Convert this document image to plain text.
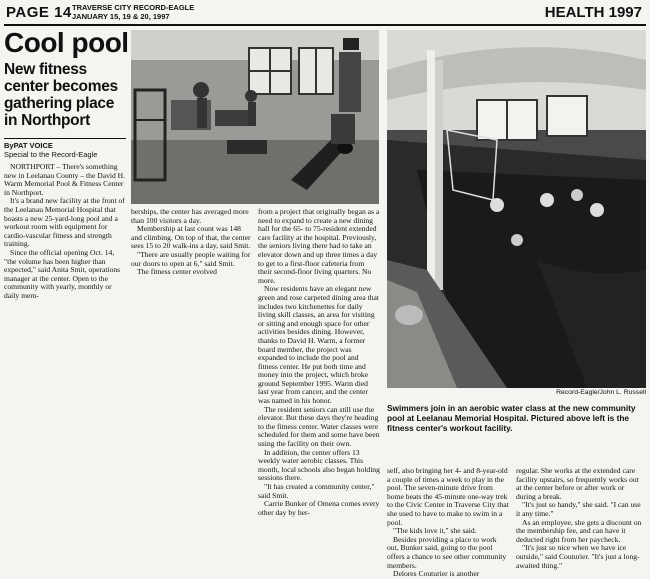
PAGE 14 TRAVERSE CITY RECORD-EAGLE
JANUARY 15, 19 & 20, 1997	HEALTH 1997
Cool pool
New fitness center becomes gathering place in Northport
ByPAT VOICE
Special to the Record-Eagle
Record-Eagle/John L. Russell
Swimmers join in an aerobic water class at the new community pool at Leelanau Memorial Hospital. Pictured above left is the fitness center's workout facility.

NORTHPORT – There's something new in Leelanau County – the David H. Warm Memorial Pool & Fitness Center in Northport.

It's a brand new facility at the front of the Leelanau Memorial Hospital that boasts a new 25-yard-long pool and a workout room with equipment for cardio-vascular fitness and strength training.

Since the official opening Oct. 14, "the volume has been higher than expected," said Anita Smit, operations manager at the center. Open to the community with yearly, monthly or daily mem-

berships, the center has averaged more than 100 visitors a day.

Membership at last count was 148 and climbing. On top of that, the center sees 15 to 20 walk-ins a day, said Smit.

"There are usually people waiting for our doors to open at 6," said Smit.

The fitness center evolved

from a project that originally began as a need to expand to create a new dining hall for the 65- to 75-resident extended care facility at the hospital. Previously, the seniors living there had to take an elevator down and up three times a day to get to a first-floor cafeteria from their second-floor living quarters. No more.

Now residents have an elegant new green and rose carpeted dining area that includes two kitchenettes for daily living skill classes, an area for visiting or sitting and enough space for other activities besides dining. However, thanks to David H. Warm, a former board member, the project was expanded to include the pool and fitness center. He put both time and money into the project, which broke ground September 1995. Warm died last year from cancer, and the center was named in his honor.

The resident seniors can still use the elevator. But these days they're heading to the fitness center. Water classes were scheduled for them and some have been using the facility on their own.

In addition, the center offers 13 weekly water aerobic classes. This month, local schools also began holding sessions there.

"It has created a community center," said Smit.

Carrie Bunker of Omena comes every other day by her-

self, also bringing her 4- and 8-year-old a couple of times a week to play in the pool. The seven-minute drive from home beats the 45-minute one-way trek to the Civic Center in Traverse City that she used to have to make to swim in a pool.

"The kids love it," she said.

Besides providing a place to work out, Bunker said, going to the pool offers a chance to see other community members.

Delores Couturier is another

regular. She works at the extended care facility upstairs, so frequently works out at the center before or after work or during a break.

"It's just so handy," she said. "I can use it any time."

As an employee, she gets a discount on the membership fee, and can have it deducted right from her paycheck.

"It's just so nice when we have ice outside," said Couturier. "It's just a long-awaited thing."
